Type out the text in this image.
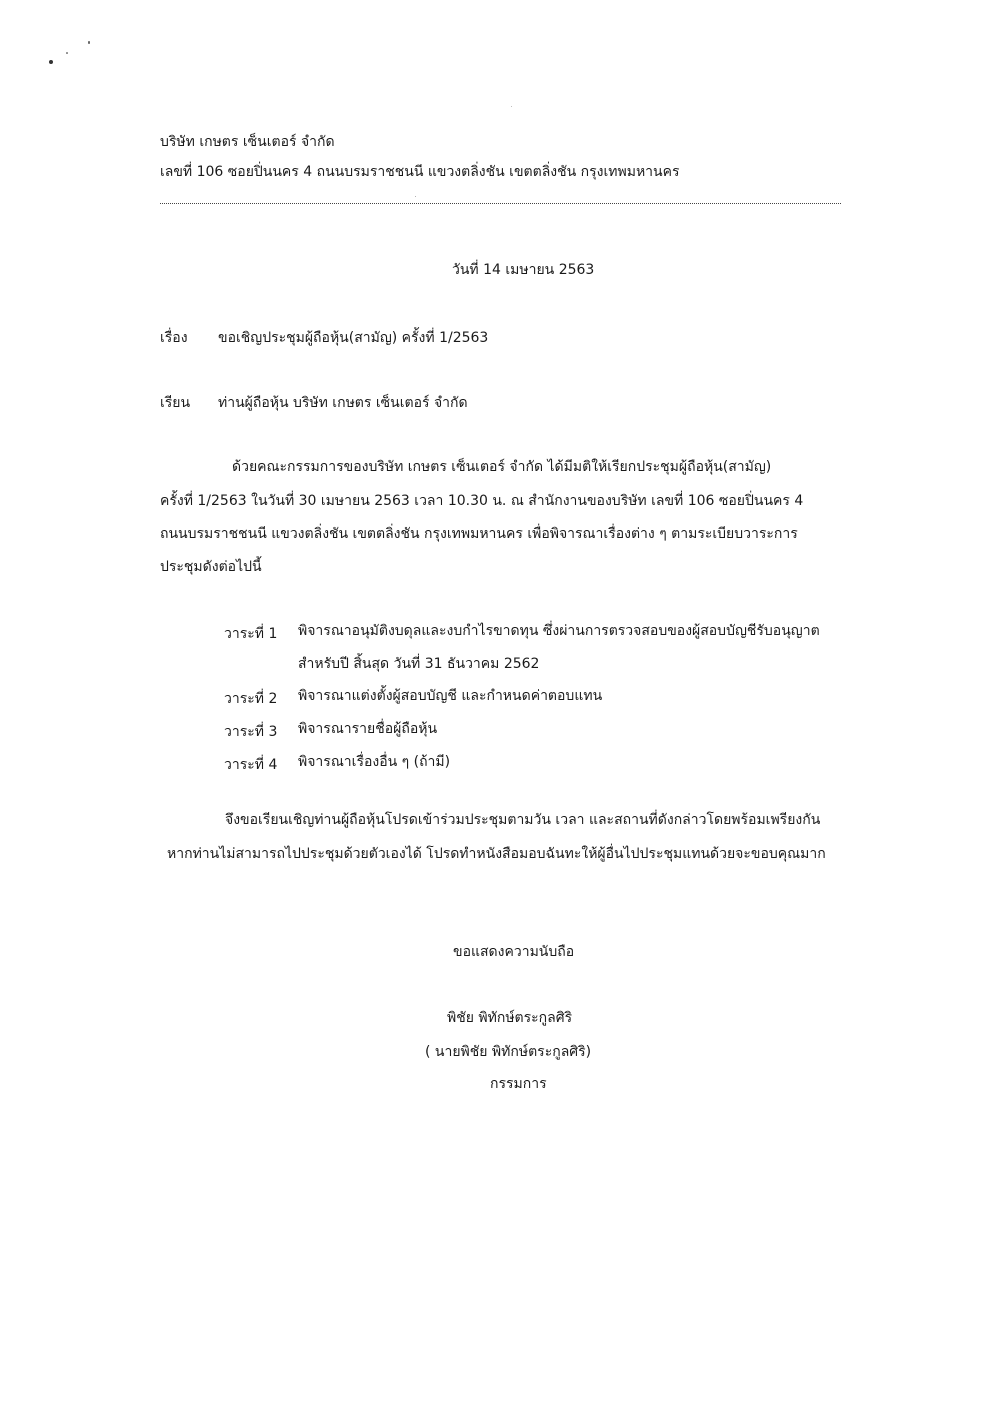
บริษัท เกษตร เซ็นเตอร์ จำกัด
เลขที่ 106 ซอยปิ่นนคร 4 ถนนบรมราชชนนี แขวงตลิ่งชัน เขตตลิ่งชัน กรุงเทพมหานคร
วันที่ 14 เมษายน 2563
เรื่อง ขอเชิญประชุมผู้ถือหุ้น(สามัญ) ครั้งที่ 1/2563
เรียน ท่านผู้ถือหุ้น บริษัท เกษตร เซ็นเตอร์ จำกัด
ด้วยคณะกรรมการของบริษัท เกษตร เซ็นเตอร์ จำกัด ได้มีมติให้เรียกประชุมผู้ถือหุ้น(สามัญ)
ครั้งที่ 1/2563 ในวันที่ 30 เมษายน 2563 เวลา 10.30 น. ณ สำนักงานของบริษัท เลขที่ 106 ซอยปิ่นนคร 4
ถนนบรมราชชนนี แขวงตลิ่งชัน เขตตลิ่งชัน กรุงเทพมหานคร เพื่อพิจารณาเรื่องต่าง ๆ ตามระเบียบวาระการ
ประชุมดังต่อไปนี้
วาระที่ 1 พิจารณาอนุมัติงบดุลและงบกำไรขาดทุน ซึ่งผ่านการตรวจสอบของผู้สอบบัญชีรับอนุญาต
สำหรับปี สิ้นสุด วันที่ 31 ธันวาคม 2562
วาระที่ 2 พิจารณาแต่งตั้งผู้สอบบัญชี และกำหนดค่าตอบแทน
วาระที่ 3 พิจารณารายชื่อผู้ถือหุ้น
วาระที่ 4 พิจารณาเรื่องอื่น ๆ (ถ้ามี)
จึงขอเรียนเชิญท่านผู้ถือหุ้นโปรดเข้าร่วมประชุมตามวัน เวลา และสถานที่ดังกล่าวโดยพร้อมเพรียงกัน
หากท่านไม่สามารถไปประชุมด้วยตัวเองได้ โปรดทำหนังสือมอบฉันทะให้ผู้อื่นไปประชุมแทนด้วยจะขอบคุณมาก
ขอแสดงความนับถือ
พิชัย พิทักษ์ตระกูลศิริ
( นายพิชัย พิทักษ์ตระกูลศิริ)
กรรมการ
